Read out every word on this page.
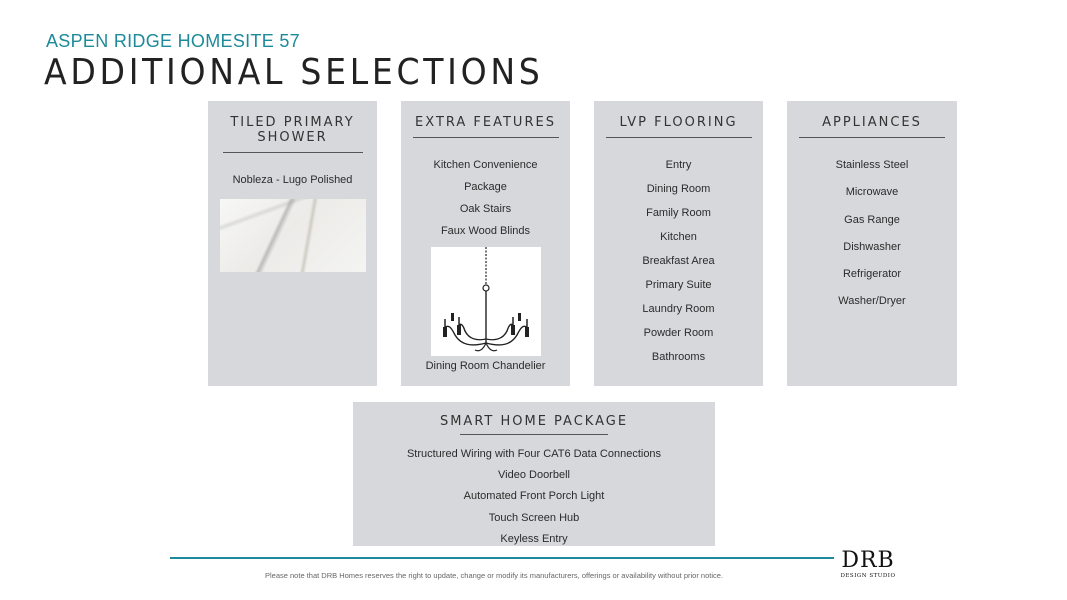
ASPEN RIDGE HOMESITE 57
ADDITIONAL SELECTIONS
TILED PRIMARY SHOWER
Nobleza - Lugo Polished
EXTRA FEATURES
Kitchen Convenience
Package
Oak Stairs
Faux Wood Blinds
Dining Room Chandelier
LVP FLOORING
Entry
Dining Room
Family Room
Kitchen
Breakfast Area
Primary Suite
Laundry Room
Powder Room
Bathrooms
APPLIANCES
Stainless Steel
Microwave
Gas Range
Dishwasher
Refrigerator
Washer/Dryer
SMART HOME PACKAGE
Structured Wiring with Four CAT6 Data Connections
Video Doorbell
Automated Front Porch Light
Touch Screen Hub
Keyless Entry
Please note that DRB Homes reserves the right to update, change or modify its manufacturers, offerings or availability without prior notice.
DRB
DESIGN STUDIO
